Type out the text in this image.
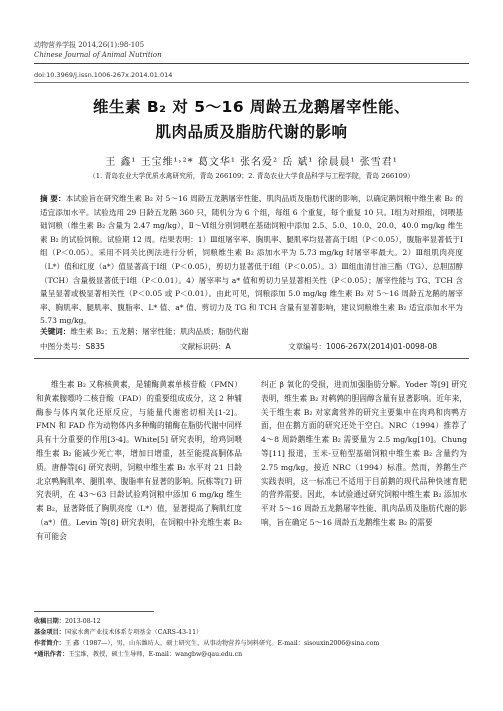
动物营养学报 2014,26(1):98-105
Chinese Journal of Animal Nutrition
doi:10.3969/j.issn.1006-267x.2014.01.014
维生素 B₂ 对 5～16 周龄五龙鹅屠宰性能、
肌肉品质及脂肪代谢的影响
王 鑫¹ 王宝维¹˒²* 葛文华¹ 张名爱² 岳 斌¹ 徐晨晨¹ 张雪君¹
（1. 青岛农业大学优质水禽研究所，青岛 266109；2. 青岛农业大学食品科学与工程学院，青岛 266109）
摘 要：本试验旨在研究维生素 B₂ 对 5～16 周龄五龙鹅屠宰性能、肌肉品质及脂肪代谢的影响，以确定鹅饲粮中维生素 B₂ 的适宜添加水平。试验选用 29 日龄五龙鹅 360 只，随机分为 6 个组，每组 6 个重复，每个重复 10 只。Ⅰ组为对照组，饲喂基础饲粮（维生素 B₂ 含量为 2.47 mg/kg），Ⅱ～Ⅵ组分别饲喂在基础饲粮中添加 2.5、5.0、10.0、20.0、40.0 mg/kg 维生素 B₂ 的试验饲粮。试验期 12 周。结果表明：1）Ⅲ组屠宰率、胸肌率、腿肌率均显著高于Ⅰ组（P＜0.05），腹脂率显著低于Ⅰ组（P＜0.05）。采用不同关比例法进行分析，饲粮维生素 B₂ 添加水平为 5.73 mg/kg 时屠宰率最大。2）Ⅲ组肌肉亮度（L*）值和红度（a*）值显著高于Ⅰ组（P＜0.05），剪切力显著低于Ⅰ组（P＜0.05）。3）Ⅲ组血清甘油三酯（TG）、总胆固醇（TCH）含量极显著低于Ⅰ组（P＜0.01）。4）屠宰率与 a* 值和剪切力呈显著相关性（P＜0.05）；屠宰性能与 TG、TCH 含量呈显著或极显著相关性（P＜0.05 或 P＜0.01）。由此可见，饲粮添加 5.0 mg/kg 维生素 B₂ 对 5～16 周龄五龙鹅的屠宰率、胸肌率、腿肌率、腹脂率、L* 值、a* 值、剪切力及 TG 和 TCH 含量有显著影响，建议饲粮维生素 B₂ 适宜添加水平为 5.73 mg/kg。
关键词：维生素 B₂；五龙鹅；屠宰性能；肌肉品质；脂肪代谢
中图分类号：S835	文献标识码：A	文章编号：1006-267X(2014)01-0098-08
维生素 B₂ 又称核黄素，是辅酶黄素单核苷酸（FMN）和黄素腺嘌呤二核苷酸（FAD）的重要组成成分，这 2 种辅酶参与体内氧化还原反应，与能量代谢密切相关[1-2]。FMN 和 FAD 作为动物体内多种酶的辅酶在脂肪代谢中同样具有十分重要的作用[3-4]。White[5] 研究表明，给鸡饲喂维生素 B₂ 能减少死亡率，增加日增重，甚至能提高胴体品质。唐静等[6] 研究表明，饲粮中维生素 B₂ 水平对 21 日龄北京鸭胸肌率、腿肌率、腹脂率有显著的影响。阮栋等[7] 研究表明，在 43～63 日龄试验鸡饲粮中添加 6 mg/kg 维生素 B₂，显著降低了胸肌亮度（L*）值，显著提高了胸肌红度（a*）值。Levin 等[8] 研究表明，在饲粮中补充维生素 B₂ 有可能会
纠正 β 氧化的受损，进而加强脂肪分解。Yoder 等[9] 研究表明，维生素 B₂ 对鹌鹑的胆固醇含量有显著影响。近年来，关于维生素 B₂ 对家禽营养的研究主要集中在肉鸡和肉鸭方面，但在鹅方面的研究还处于空白。NRC（1994）推荐了 4～8 周龄鹅维生素 B₂ 需要量为 2.5 mg/kg[10]。Chung 等[11] 报道，玉米-豆粕型基础饲粮中维生素 B₂ 含量约为 2.75 mg/kg，接近 NRC（1994）标准。然而，养鹅生产实践表明，这一标准已不适用于目前鹅的现代品种快速育肥的营养需要。因此，本试验通过研究饲粮中维生素 B₂ 添加水平对 5～16 周龄五龙鹅屠宰性能、肌肉品质及脂肪代谢的影响，旨在确定 5～16 周龄五龙鹅维生素 B₂ 的需要
收稿日期：2013-08-12
基金项目：国家水禽产业技术体系专项基金（CARS-43-11）
作者简介：王 鑫（1987—），男，山东潍坊人，硕士研究生，从事动物营养与饲料研究。E-mail：sisouxin2006@sina.com
*通讯作者：王宝维，教授，硕士生导师，E-mail：wangbw@qau.edu.cn
